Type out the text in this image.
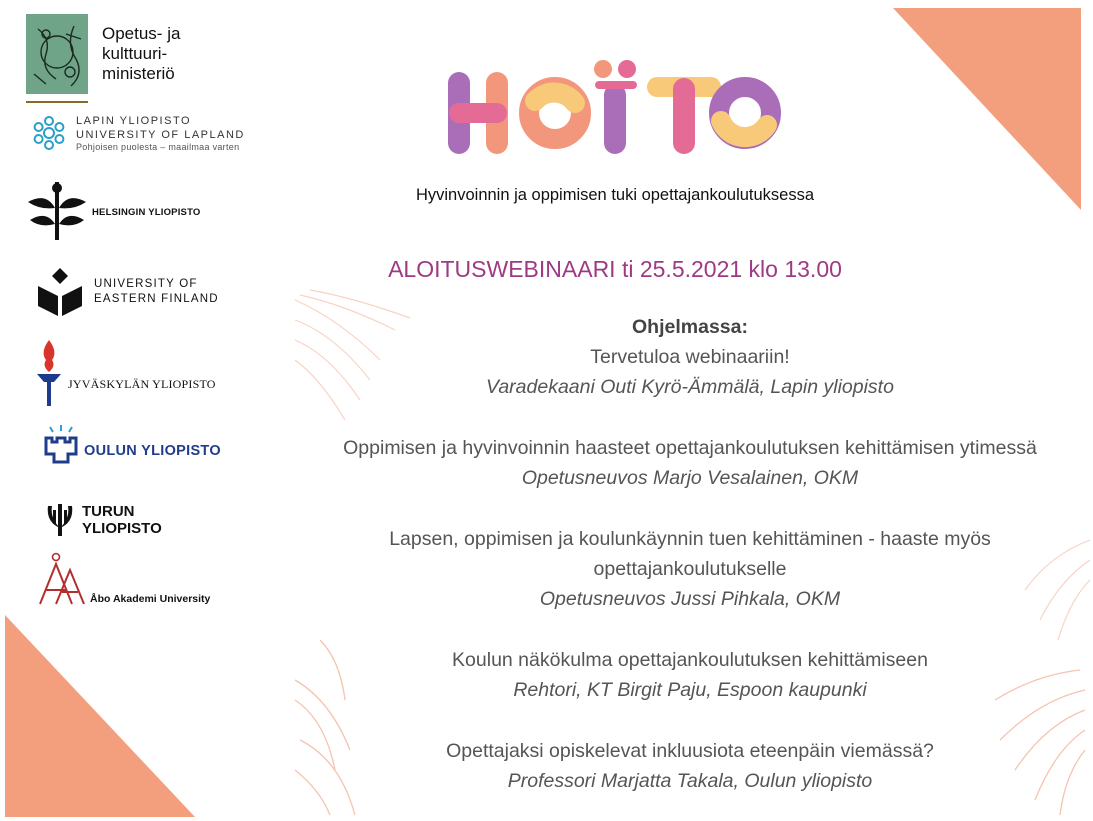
Opetus- ja
kulttuuri-
ministeriö
LAPIN YLIOPISTO
UNIVERSITY OF LAPLAND
Pohjoisen puolesta – maailmaa varten
HELSINGIN YLIOPISTO
UNIVERSITY OF
EASTERN FINLAND
JYVÄSKYLÄN YLIOPISTO
OULUN YLIOPISTO
TURUN
YLIOPISTO
Åbo Akademi University
Hyvinvoinnin ja oppimisen tuki opettajankoulutuksessa
ALOITUSWEBINAARI ti 25.5.2021 klo 13.00
Ohjelmassa:
Tervetuloa webinaariin!
Varadekaani Outi Kyrö-Ämmälä, Lapin yliopisto
Oppimisen ja hyvinvoinnin haasteet opettajankoulutuksen kehittämisen ytimessä
Opetusneuvos Marjo Vesalainen, OKM
Lapsen, oppimisen ja koulunkäynnin tuen kehittäminen - haaste myös
opettajankoulutukselle
Opetusneuvos Jussi Pihkala, OKM
Koulun näkökulma opettajankoulutuksen kehittämiseen
Rehtori, KT Birgit Paju, Espoon kaupunki
Opettajaksi opiskelevat inkluusiota eteenpäin viemässä?
Professori Marjatta Takala, Oulun yliopisto
